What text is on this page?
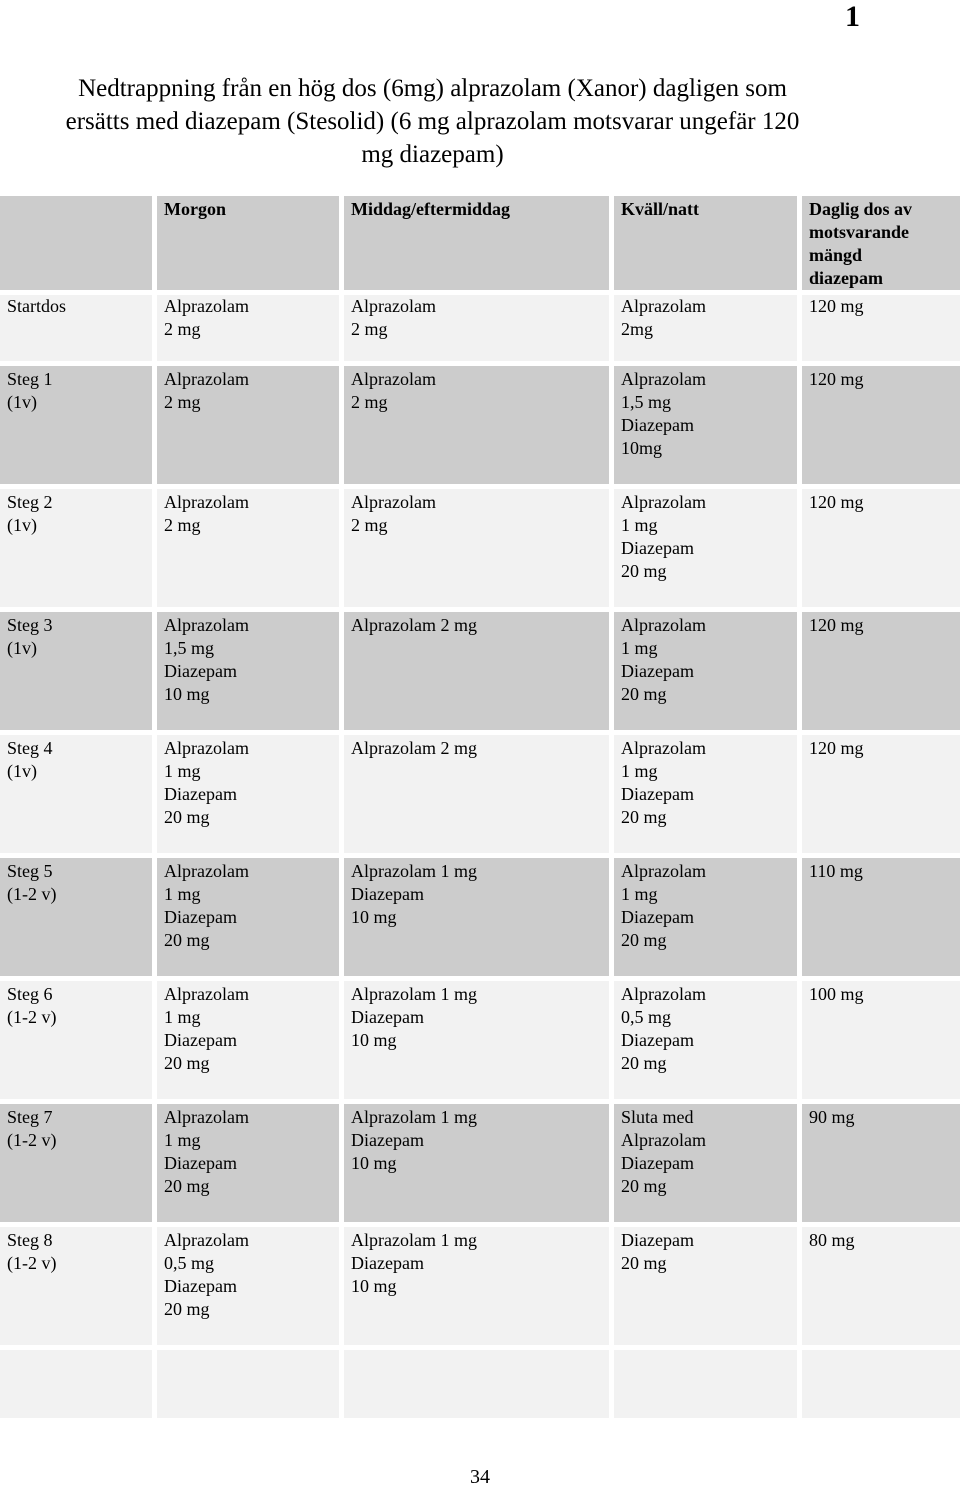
1
Nedtrappning från en hög dos (6mg) alprazolam (Xanor) dagligen som
ersätts med diazepam (Stesolid) (6 mg alprazolam motsvarar ungefär 120
mg diazepam)
	Morgon	Middag/eftermiddag	Kväll/natt	Daglig dos av
motsvarande
mängd
diazepam

Startdos	Alprazolam
2 mg	Alprazolam
2 mg	Alprazolam
2mg	120 mg

Steg 1
(1v)	Alprazolam
2 mg	Alprazolam
2 mg	Alprazolam
1,5 mg
Diazepam
10mg	120 mg

Steg 2
(1v)	Alprazolam
2 mg	Alprazolam
2 mg	Alprazolam
1 mg
Diazepam
20 mg	120 mg

Steg 3
(1v)	Alprazolam
1,5 mg
Diazepam
10 mg	Alprazolam 2 mg	Alprazolam
1 mg
Diazepam
20 mg	120 mg

Steg 4
(1v)	Alprazolam
1 mg
Diazepam
20 mg	Alprazolam 2 mg	Alprazolam
1 mg
Diazepam
20 mg	120 mg

Steg 5
(1-2 v)	Alprazolam
1 mg
Diazepam
20 mg	Alprazolam 1 mg
Diazepam
10 mg	Alprazolam
1 mg
Diazepam
20 mg	110 mg

Steg 6
(1-2 v)	Alprazolam
1 mg
Diazepam
20 mg	Alprazolam 1 mg
Diazepam
10 mg	Alprazolam
0,5 mg
Diazepam
20 mg	100 mg

Steg 7
(1-2 v)	Alprazolam
1 mg
Diazepam
20 mg	Alprazolam 1 mg
Diazepam
10 mg	Sluta med
Alprazolam
Diazepam
20 mg	90 mg

Steg 8
(1-2 v)	Alprazolam
0,5 mg
Diazepam
20 mg	Alprazolam 1 mg
Diazepam
10 mg	Diazepam
20 mg	80 mg

34
